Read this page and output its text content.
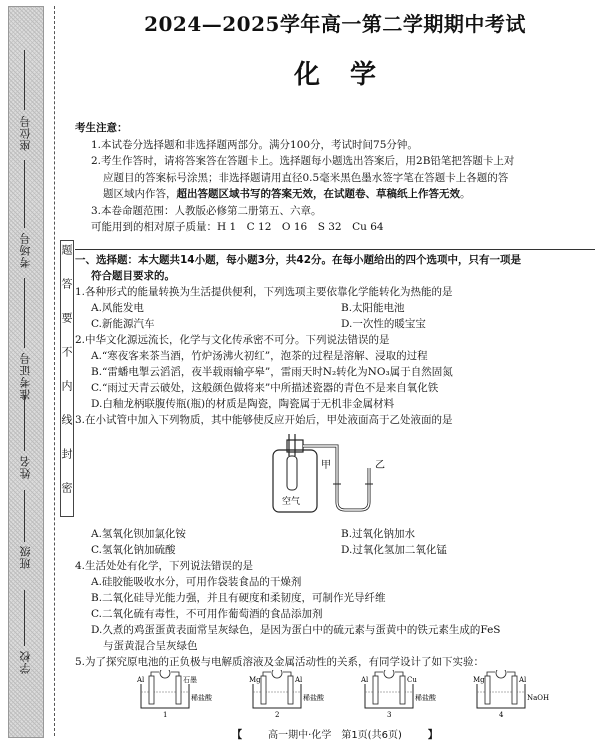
座位号
考场号
准考证号
姓名
班级
学校
题
答
要
不
内
线
封
密
2024—2025学年高一第二学期期中考试
化学

考生注意：

1.本试卷分选择题和非选择题两部分。满分100分，考试时间75分钟。

2.考生作答时，请将答案答在答题卡上。选择题每小题选出答案后，用2B铅笔把答题卡上对

应题目的答案标号涂黑；非选择题请用直径0.5毫米黑色墨水签字笔在答题卡上各题的答

题区域内作答，超出答题区域书写的答案无效，在试题卷、草稿纸上作答无效。

3.本卷命题范围：人教版必修第二册第五、六章。

可能用到的相对原子质量：H 1　C 12　O 16　S 32　Cu 64

一、选择题：本大题共14小题，每小题3分，共42分。在每小题给出的四个选项中，只有一项是

符合题目要求的。

1.各种形式的能量转换为生活提供便利，下列选项主要依靠化学能转化为热能的是

A.风能发电	B.太阳能电池
C.新能源汽车	D.一次性的暖宝宝

2.中华文化源远流长，化学与文化传承密不可分。下列说法错误的是

A.“寒夜客来茶当酒，竹炉汤沸火初红”，泡茶的过程是溶解、浸取的过程

B.“雷蟠电掣云滔滔，夜半载雨输亭皋”，雷雨天时N₂转化为NO₃属于自然固氮

C.“雨过天青云破处，这般颜色做将来”中所描述瓷器的青色不是来自氧化铁

D.白釉龙柄联腹传瓶(瓶)的材质是陶瓷，陶瓷属于无机非金属材料

3.在小试管中加入下列物质，其中能够使反应开始后，甲处液面高于乙处液面的是

甲	乙
空气
A.氢氧化钡加氯化铵	B.过氧化钠加水
C.氢氧化钠加硫酸	D.过氧化氢加二氧化锰

4.生活处处有化学，下列说法错误的是

A.硅胶能吸收水分，可用作袋装食品的干燥剂

B.二氧化硅导光能力强，并且有硬度和柔韧度，可制作光导纤维

C.二氧化硫有毒性，不可用作葡萄酒的食品添加剂

D.久煮的鸡蛋蛋黄表面常呈灰绿色，是因为蛋白中的硫元素与蛋黄中的铁元素生成的FeS

与蛋黄混合呈灰绿色

5.为了探究原电池的正负极与电解质溶液及金属活动性的关系，有同学设计了如下实验：

Al	石墨
稀盐酸
1
Mg	Al
稀盐酸
2
Al	Cu
稀盐酸
3
Mg	Al
NaOH
4
【	高一期中·化学　第1页(共6页)	】
